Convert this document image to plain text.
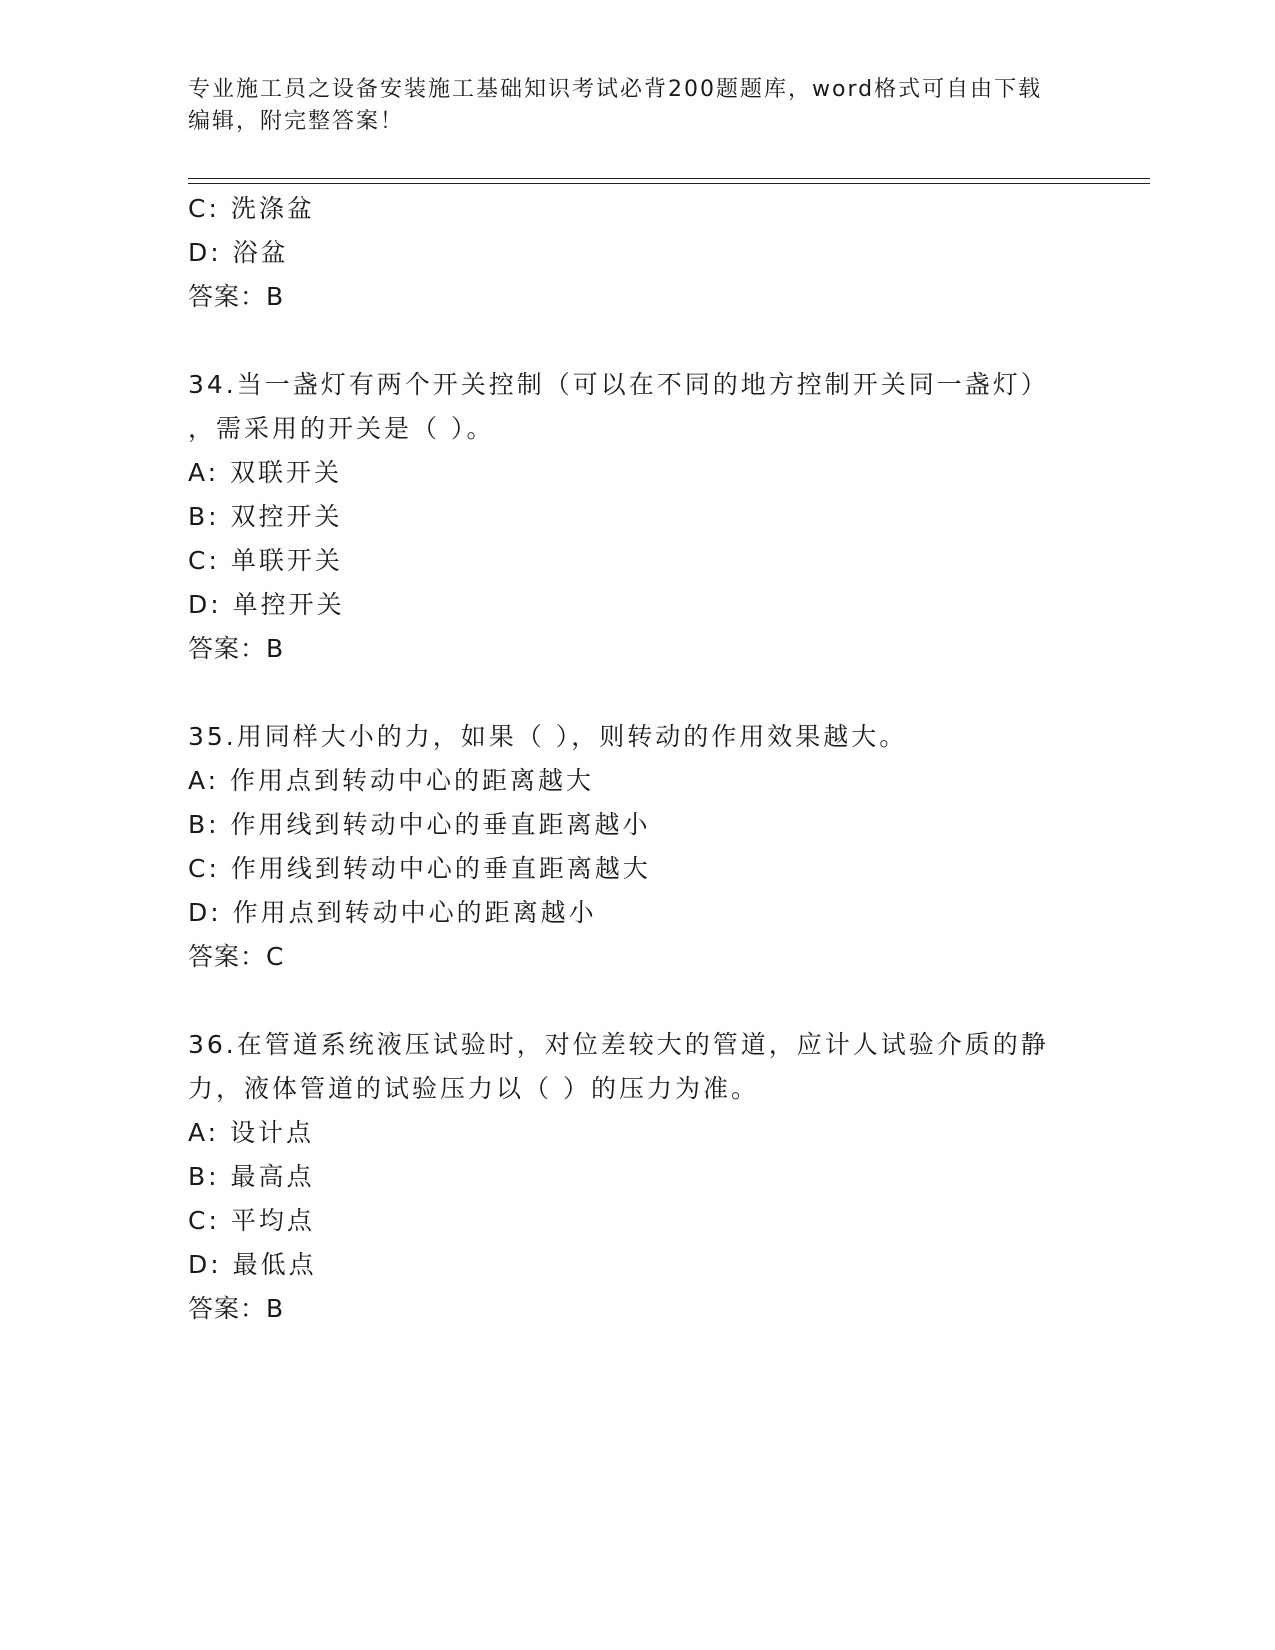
专业施工员之设备安装施工基础知识考试必背200题题库，word格式可自由下载
编辑，附完整答案！
C: 洗涤盆
D: 浴盆
答案：B
34.当一盏灯有两个开关控制（可以在不同的地方控制开关同一盏灯）
，需采用的开关是（ ）。
A: 双联开关
B: 双控开关
C: 单联开关
D: 单控开关
答案：B
35.用同样大小的力，如果（ ），则转动的作用效果越大。
A: 作用点到转动中心的距离越大
B: 作用线到转动中心的垂直距离越小
C: 作用线到转动中心的垂直距离越大
D: 作用点到转动中心的距离越小
答案：C
36.在管道系统液压试验时，对位差较大的管道，应计人试验介质的静
力，液体管道的试验压力以（ ）的压力为准。
A: 设计点
B: 最高点
C: 平均点
D: 最低点
答案：B
